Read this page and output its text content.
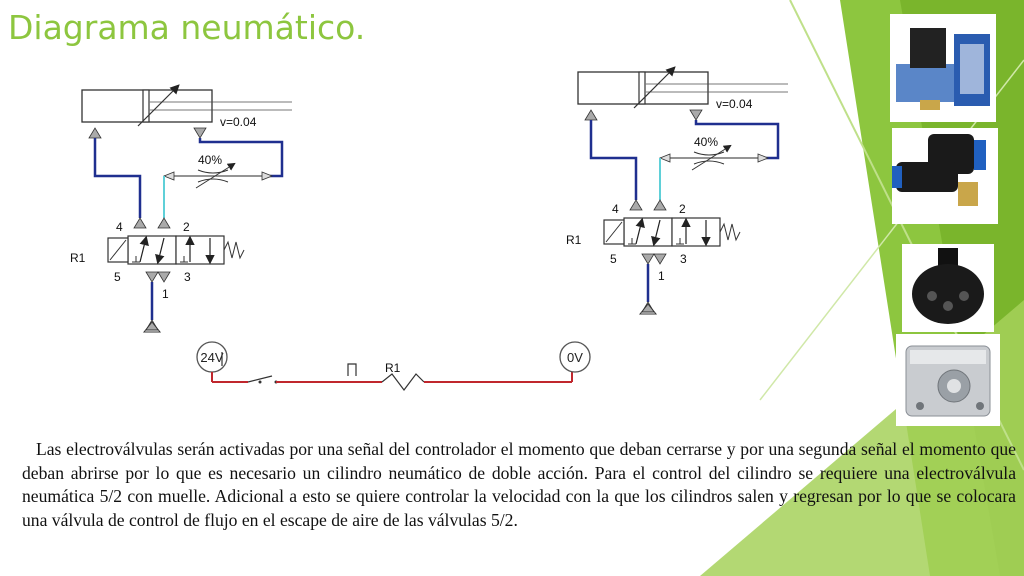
Diagrama neumático.
v=0.04
40%
4	2
R1
5	3
1
v=0.04
40%
4	2
R1
5	3
1
24V
R1
0V

Las electroválvulas serán activadas por una señal del controlador el momento que deban cerrarse y por una segunda señal el momento que deban abrirse por lo que es necesario un cilindro neumático de doble acción. Para el control del cilindro se requiere una electroválvula neumática 5/2 con muelle. Adicional a esto se quiere controlar la velocidad con la que los cilindros salen y regresan por lo que se colocara una válvula de control de flujo en el escape de aire de las válvulas 5/2.
